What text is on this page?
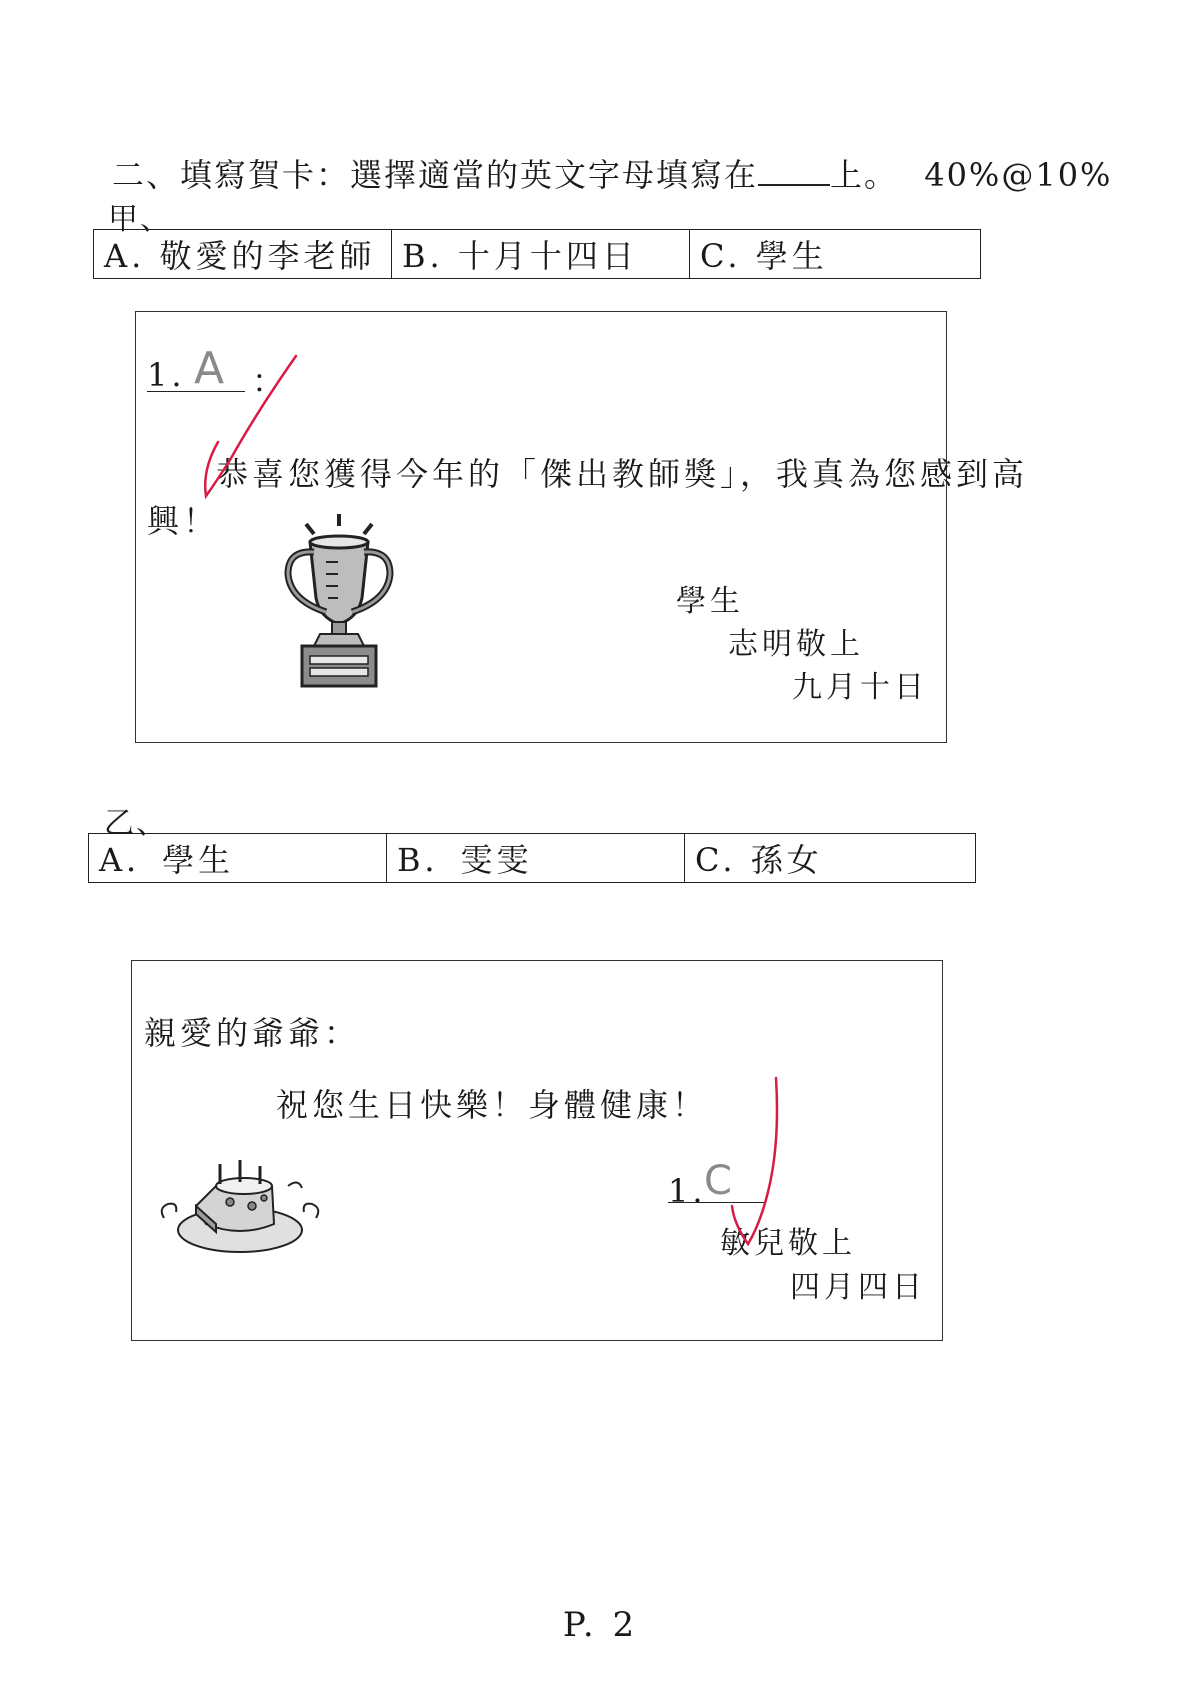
二、填寫賀卡：選擇適當的英文字母填寫在 上。 40%@10%
甲、
A. 敬愛的李老師	B. 十月十四日	C. 學生
1. A ：
恭喜您獲得今年的「傑出教師獎」，我真為您感到高
興！
學生
志明敬上
九月十日
乙、
A．學生	B．雯雯	C. 孫女
親愛的爺爺：
祝您生日快樂！身體健康！
1.
C
敏兒敬上
四月四日
P. 2
